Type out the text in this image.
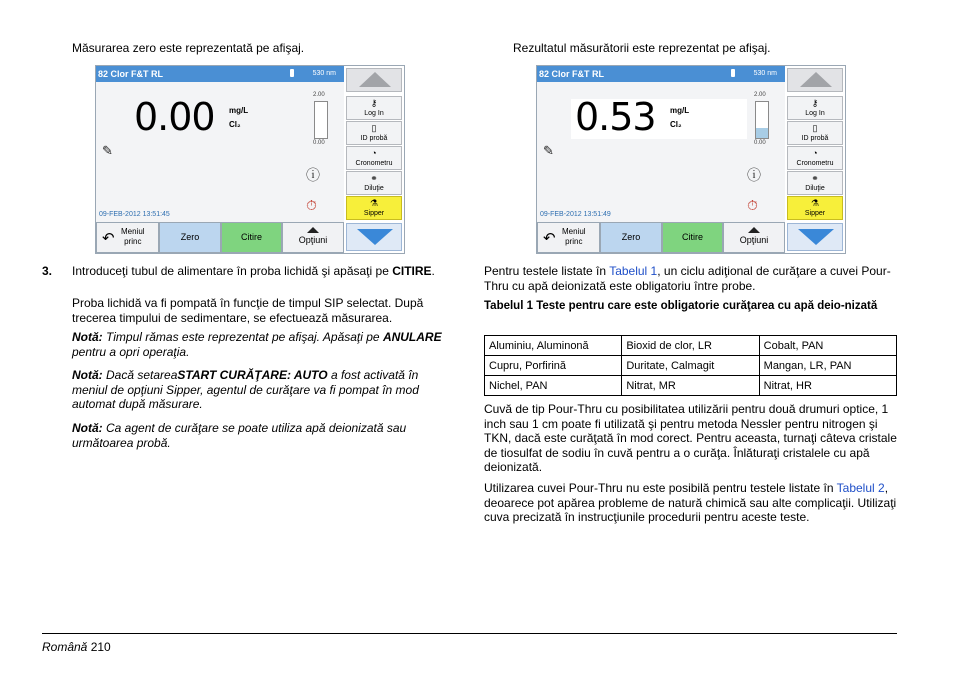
Măsurarea zero este reprezentată pe afişaj.

82 Clor F&T RL	530 nm
0.00 mg/L
Cl₂
2.00
0.00
✎
ⓘ
⏱
09-FEB-2012 13:51:45
↶ Meniul
princ	Zero	Citire	Opţiuni
⚷
Log In
▯
ID probă
◔
Cronometru
⚭
Diluţie
⚗
Sipper

3. Introduceţi tubul de alimentare în proba lichidă şi apăsaţi pe CITIRE.

Proba lichidă va fi pompată în funcţie de timpul SIP selectat. După trecerea timpului de sedimentare, se efectuează măsurarea.

Notă: Timpul rămas este reprezentat pe afişaj. Apăsaţi pe ANULARE pentru a opri operaţia.

Notă: Dacă setareaSTART CURĂŢARE: AUTO a fost activată în meniul de opţiuni Sipper, agentul de curăţare va fi pompat în mod automat după măsurare.

Notă: Ca agent de curăţare se poate utiliza apă deionizată sau următoarea probă.

Rezultatul măsurătorii este reprezentat pe afişaj.

82 Clor F&T RL	530 nm
0.53 mg/L
Cl₂
2.00
0.00
✎
ⓘ
⏱
09-FEB-2012 13:51:49
↶ Meniul
princ	Zero	Citire	Opţiuni
⚷
Log In
▯
ID probă
◔
Cronometru
⚭
Diluţie
⚗
Sipper

Pentru testele listate în Tabelul 1, un ciclu adiţional de curăţare a cuvei Pour-Thru cu apă deionizată este obligatoriu între probe.

Tabelul 1 Teste pentru care este obligatorie curăţarea cu apă deio-nizată

Aluminiu, Aluminonă	Bioxid de clor, LR	Cobalt, PAN
Cupru, Porfirină	Duritate, Calmagit	Mangan, LR, PAN
Nichel, PAN	Nitrat, MR	Nitrat, HR

Cuvă de tip Pour-Thru cu posibilitatea utilizării pentru două drumuri optice, 1 inch sau 1 cm poate fi utilizată şi pentru metoda Nessler pentru nitrogen şi TKN, dacă este curăţată în mod corect. Pentru aceasta, turnaţi câteva cristale de tiosulfat de sodiu în cuvă pentru a o curăţa. Înlăturaţi cristalele cu apă deionizată.

Utilizarea cuvei Pour-Thru nu este posibilă pentru testele listate în Tabelul 2, deoarece pot apărea probleme de natură chimică sau alte complicaţii. Utilizaţi cuva precizată în instrucţiunile procedurii pentru aceste teste.

Română 210
